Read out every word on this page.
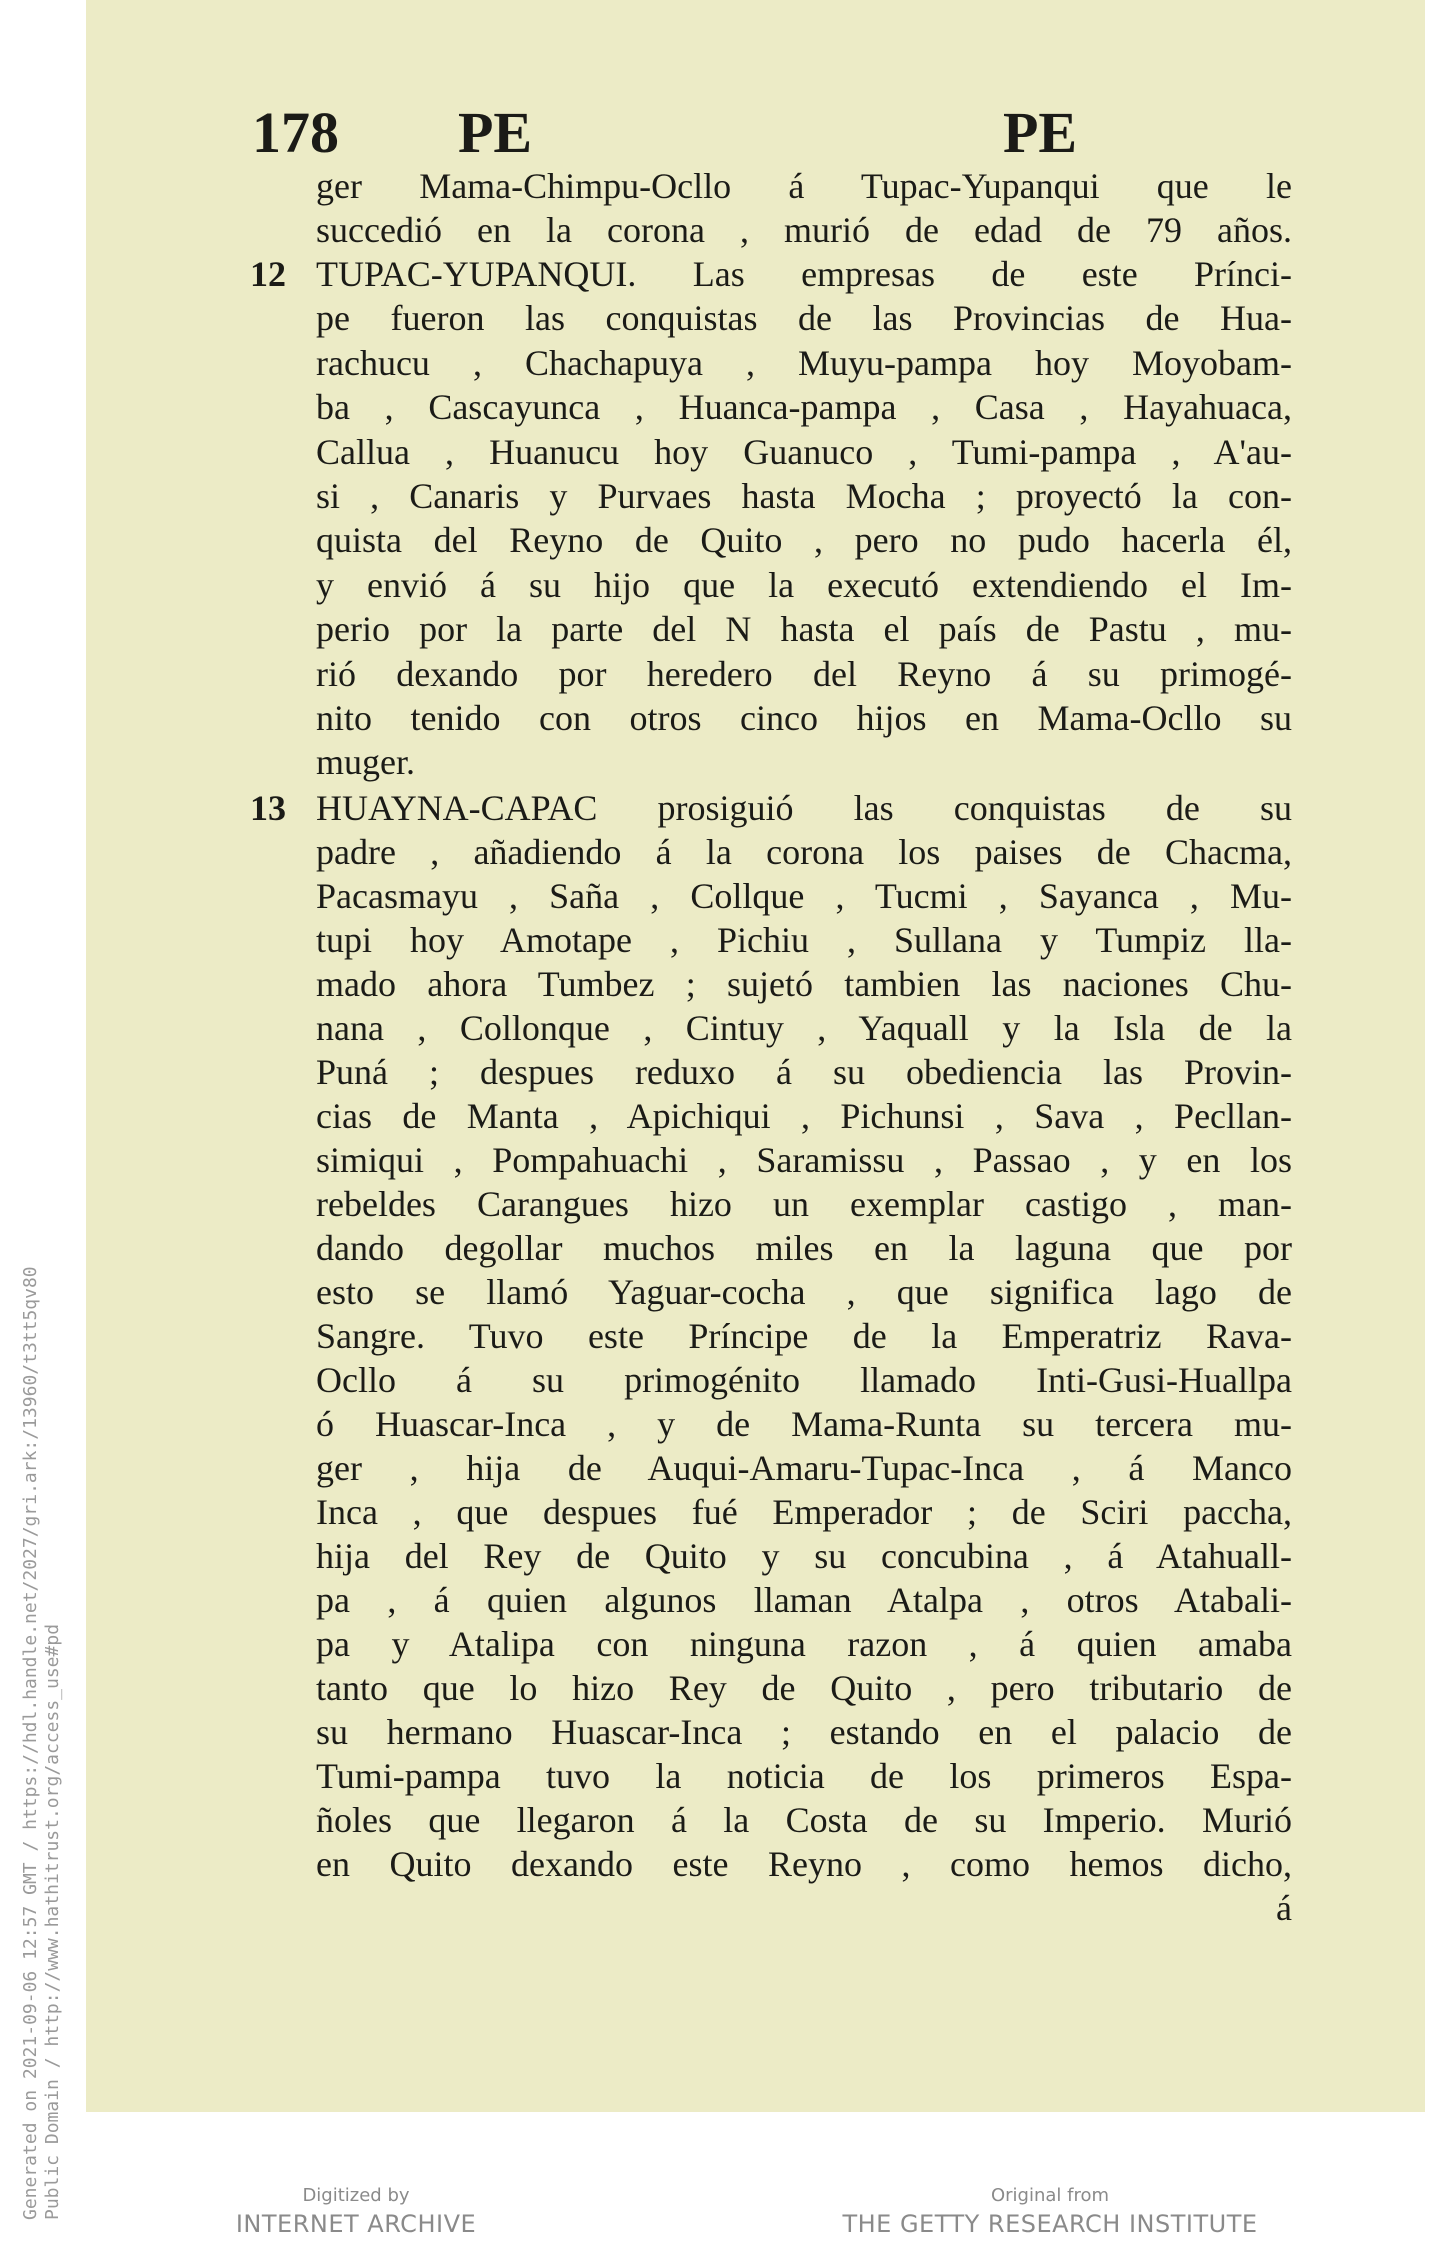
178 PE	PE
12
13
ger Mama-Chimpu-Ocllo á Tupac-Yupanqui que le
succedió en la corona , murió de edad de 79 años.
TUPAC-YUPANQUI. Las empresas de este Prínci-
pe fueron las conquistas de las Provincias de Hua-
rachucu , Chachapuya , Muyu-pampa hoy Moyobam-
ba , Cascayunca , Huanca-pampa , Casa , Hayahuaca,
Callua , Huanucu hoy Guanuco , Tumi-pampa , A'au-
si , Canaris y Purvaes hasta Mocha ; proyectó la con-
quista del Reyno de Quito , pero no pudo hacerla él,
y envió á su hijo que la executó extendiendo el Im-
perio por la parte del N hasta el país de Pastu , mu-
rió dexando por heredero del Reyno á su primogé-
nito tenido con otros cinco hijos en Mama-Ocllo su
muger.
HUAYNA-CAPAC prosiguió las conquistas de su
padre , añadiendo á la corona los paises de Chacma,
Pacasmayu , Saña , Collque , Tucmi , Sayanca , Mu-
tupi hoy Amotape , Pichiu , Sullana y Tumpiz lla-
mado ahora Tumbez ; sujetó tambien las naciones Chu-
nana , Collonque , Cintuy , Yaquall y la Isla de la
Puná ; despues reduxo á su obediencia las Provin-
cias de Manta , Apichiqui , Pichunsi , Sava , Pecllan-
simiqui , Pompahuachi , Saramissu , Passao , y en los
rebeldes Carangues hizo un exemplar castigo , man-
dando degollar muchos miles en la laguna que por
esto se llamó Yaguar-cocha , que significa lago de
Sangre. Tuvo este Príncipe de la Emperatriz Rava-
Ocllo á su primogénito llamado Inti-Gusi-Huallpa
ó Huascar-Inca , y de Mama-Runta su tercera mu-
ger , hija de Auqui-Amaru-Tupac-Inca , á Manco
Inca , que despues fué Emperador ; de Sciri paccha,
hija del Rey de Quito y su concubina , á Atahuall-
pa , á quien algunos llaman Atalpa , otros Atabali-
pa y Atalipa con ninguna razon , á quien amaba
tanto que lo hizo Rey de Quito , pero tributario de
su hermano Huascar-Inca ; estando en el palacio de
Tumi-pampa tuvo la noticia de los primeros Espa-
ñoles que llegaron á la Costa de su Imperio. Murió
en Quito dexando este Reyno , como hemos dicho,
á
Generated on 2021-09-06 12:57 GMT / https://hdl.handle.net/2027/gri.ark:/13960/t3tt5qv80 Public Domain / http://www.hathitrust.org/access_use#pd	Digitized by
INTERNET ARCHIVE
Original from
THE GETTY RESEARCH INSTITUTE
